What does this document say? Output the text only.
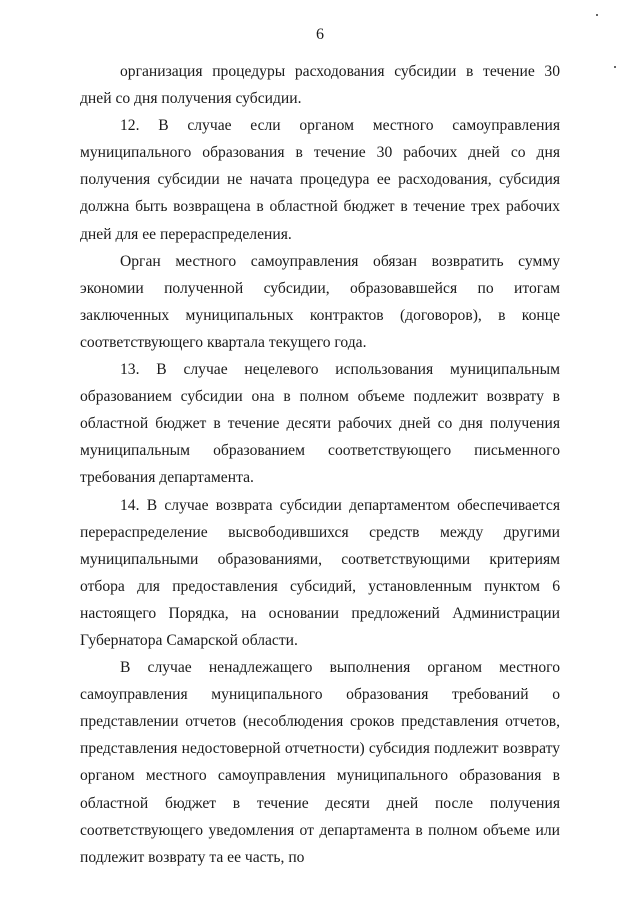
6

организация процедуры расходования субсидии в течение 30 дней со дня получения субсидии.

12. В случае если органом местного самоуправления муниципального образования в течение 30 рабочих дней со дня получения субсидии не начата процедура ее расходования, субсидия должна быть возвращена в областной бюджет в течение трех рабочих дней для ее перераспределения.

Орган местного самоуправления обязан возвратить сумму экономии полученной субсидии, образовавшейся по итогам заключенных муниципальных контрактов (договоров), в конце соответствующего квартала текущего года.

13. В случае нецелевого использования муниципальным образованием субсидии она в полном объеме подлежит возврату в областной бюджет в течение десяти рабочих дней со дня получения муниципальным образованием соответствующего письменного требования департамента.

14. В случае возврата субсидии департаментом обеспечивается перераспределение высвободившихся средств между другими муниципальными образованиями, соответствующими критериям отбора для предоставления субсидий, установленным пунктом 6 настоящего Порядка, на основании предложений Администрации Губернатора Самарской области.

В случае ненадлежащего выполнения органом местного самоуправления муниципального образования требований о представлении отчетов (несоблюдения сроков представления отчетов, представления недостоверной отчетности) субсидия подлежит возврату органом местного самоуправления муниципального образования в областной бюджет в течение десяти дней после получения соответствующего уведомления от департамента в полном объеме или подлежит возврату та ее часть, по
